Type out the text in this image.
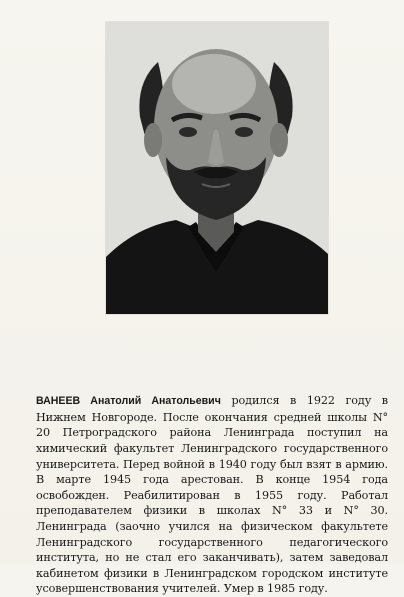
ВАНЕЕВ Анатолий Анатольевич родился в 1922 году в Нижнем Новгороде. После окончания средней школы N° 20 Петроградского района Ленинграда поступил на химический факультет Ленинградского государственного университета. Перед войной в 1940 году был взят в армию. В марте 1945 года арестован. В конце 1954 года освобожден. Реабилитирован в 1955 году. Работал преподавателем физики в школах N° 33 и N° 30. Ленинграда (заочно учился на физическом факультете Ленинградского государственного педагогического института, но не стал его заканчивать), затем заведовал кабинетом физики в Ленинградском городском институте усовершенствования учителей. Умер в 1985 году.
